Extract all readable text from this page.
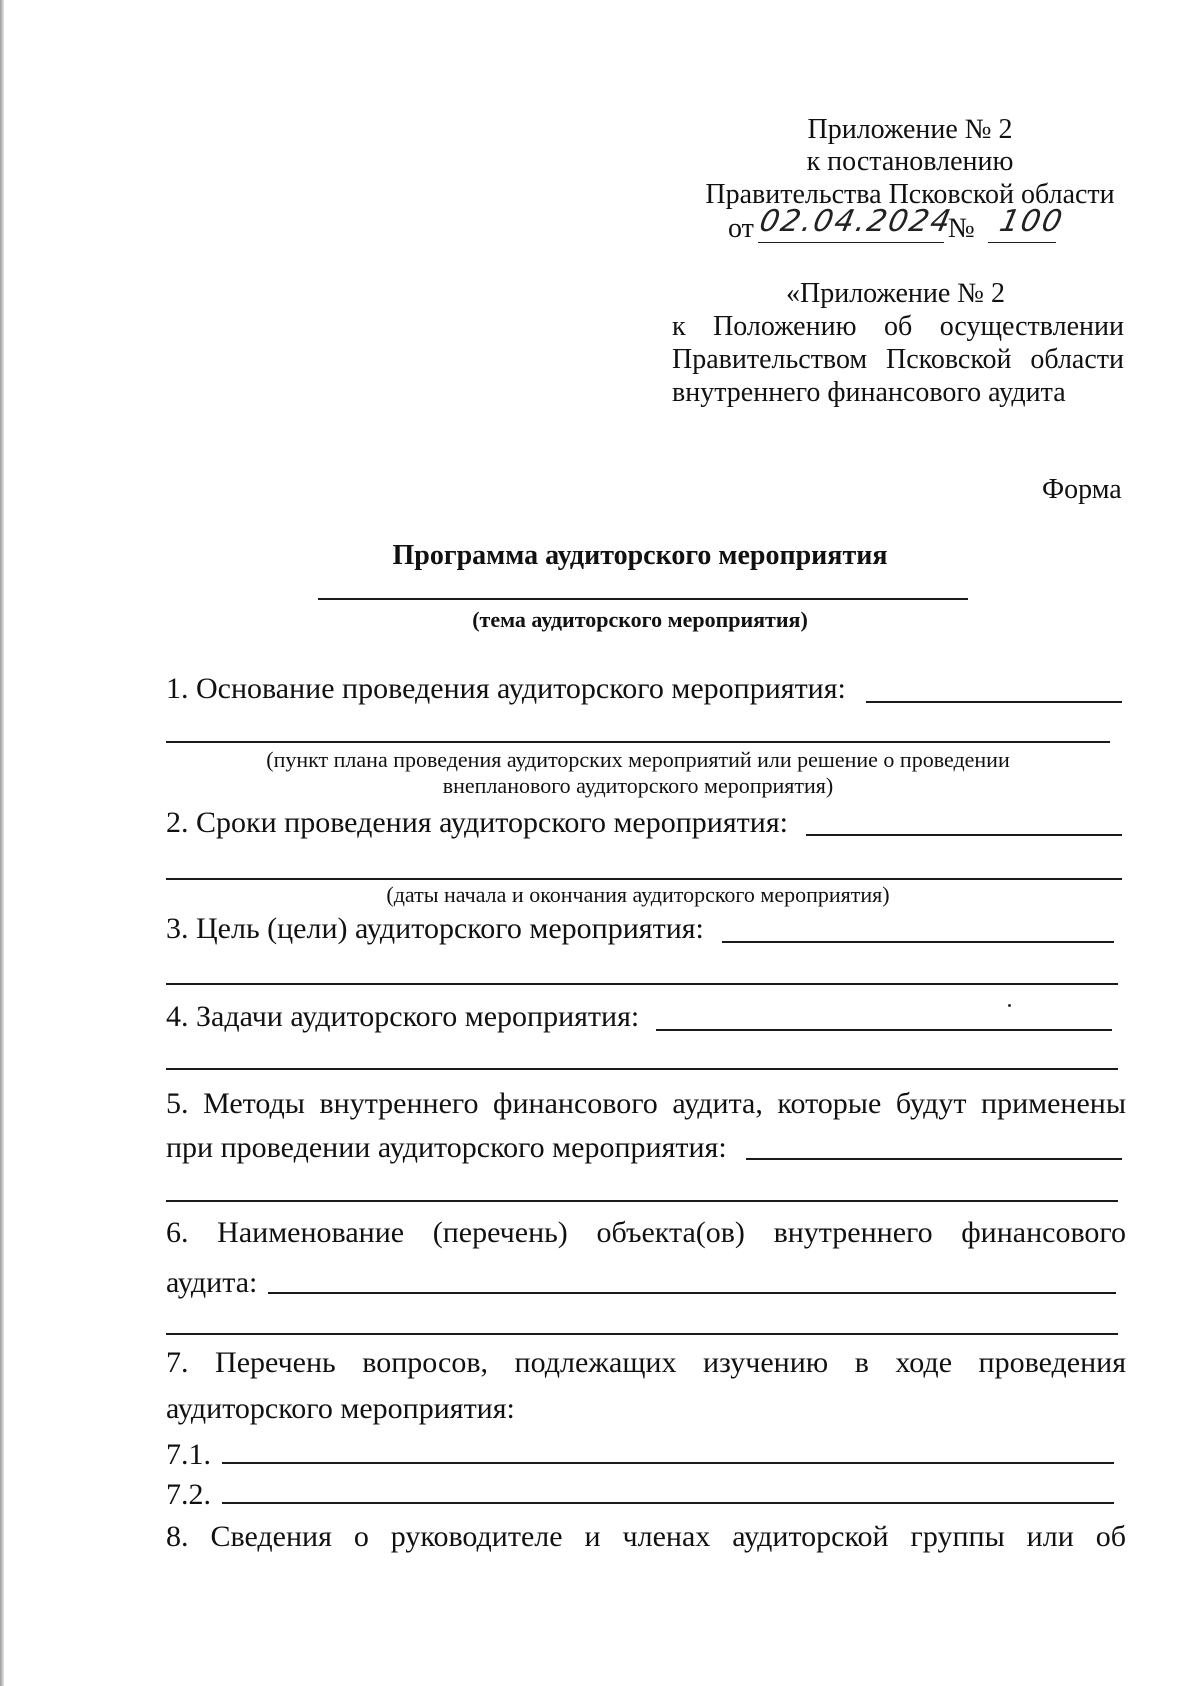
Приложение № 2
к постановлению
Правительства Псковской области
от 02.04.2024
№ 100
«Приложение № 2
к Положению об осуществлении
Правительством Псковской области
внутреннего финансового аудита
Форма
Программа аудиторского мероприятия
(тема аудиторского мероприятия)
1. Основание проведения аудиторского мероприятия:
(пункт плана проведения аудиторских мероприятий или решение о проведении
внепланового аудиторского мероприятия)
2. Сроки проведения аудиторского мероприятия:
(даты начала и окончания аудиторского мероприятия)
3. Цель (цели) аудиторского мероприятия:
4. Задачи аудиторского мероприятия:
5. Методы внутреннего финансового аудита, которые будут применены
при проведении аудиторского мероприятия:
6. Наименование (перечень) объекта(ов) внутреннего финансового
аудита:
7. Перечень вопросов, подлежащих изучению в ходе проведения
аудиторского мероприятия:
7.1.
7.2.
8. Сведения о руководителе и членах аудиторской группы или об
